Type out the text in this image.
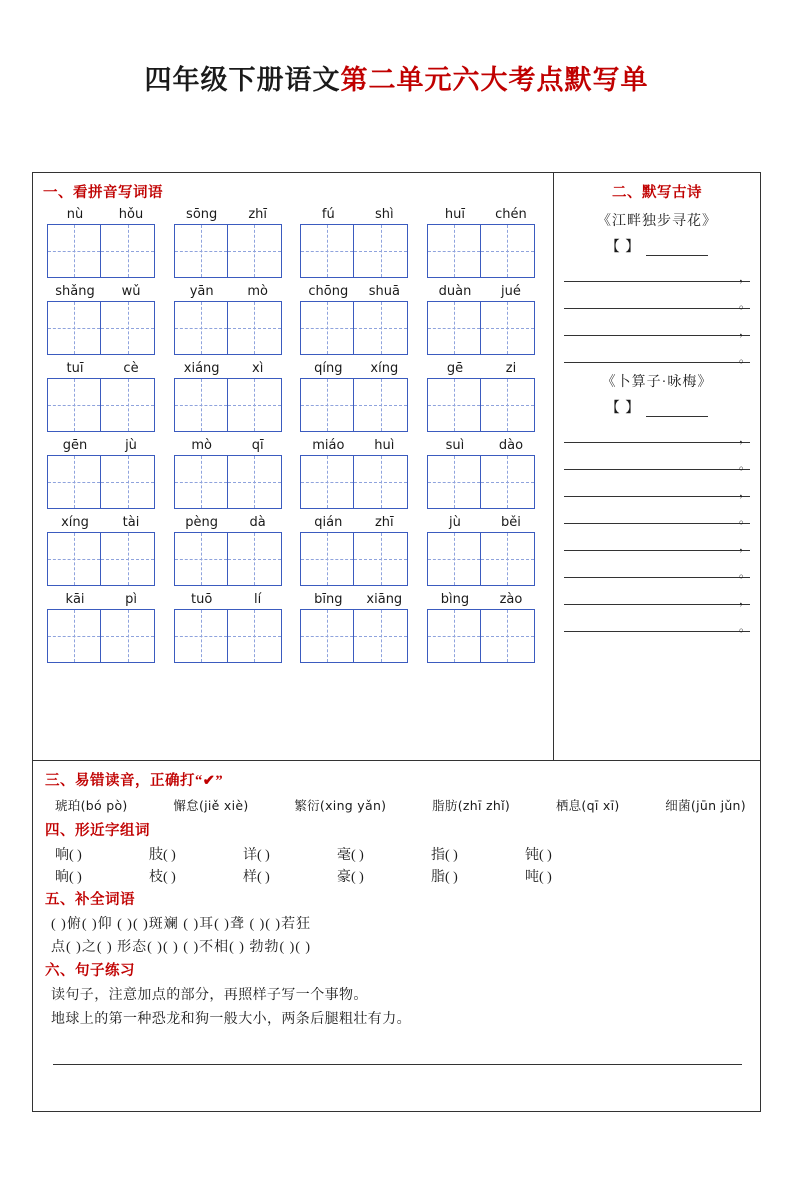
四年级下册语文第二单元六大考点默写单
一、看拼音写词语
nù	hǒu	sōng	zhī	fú	shì	huī	chén
shǎng	wǔ	yān	mò	chōng	shuā	duàn	jué
tuī	cè	xiáng	xì	qíng	xíng	gē	zi
gēn	jù	mò	qī	miáo	huì	suì	dào
xíng	tài	pèng	dà	qián	zhī	jù	běi
kāi	pì	tuō	lí	bīng	xiāng	bìng	zào
二、默写古诗
《江畔独步寻花》
【 】
，
。
，
。
《卜算子·咏梅》
【 】
，
。
，
。
，
。
，
。
三、易错读音，正确打“✔”
琥珀(bó pò)	懈怠(jiě xiè)	繁衍(xing yǎn)	脂肪(zhī zhǐ)	栖息(qī xī)	细菌(jūn jǔn)
四、形近字组词
响( )	肢( )	详( )	毫( )	指( )	钝( )
晌( )	枝( )	样( )	豪( )	脂( )	吨( )
五、补全词语
( )俯( )仰 ( )( )斑斓 ( )耳( )聋 ( )( )若狂
点( )之( ) 形态( )( ) ( )不相( ) 勃勃( )( )
六、句子练习
读句子，注意加点的部分，再照样子写一个事物。
地球上的第一种恐龙和狗一般大小，两条后腿粗壮有力。
